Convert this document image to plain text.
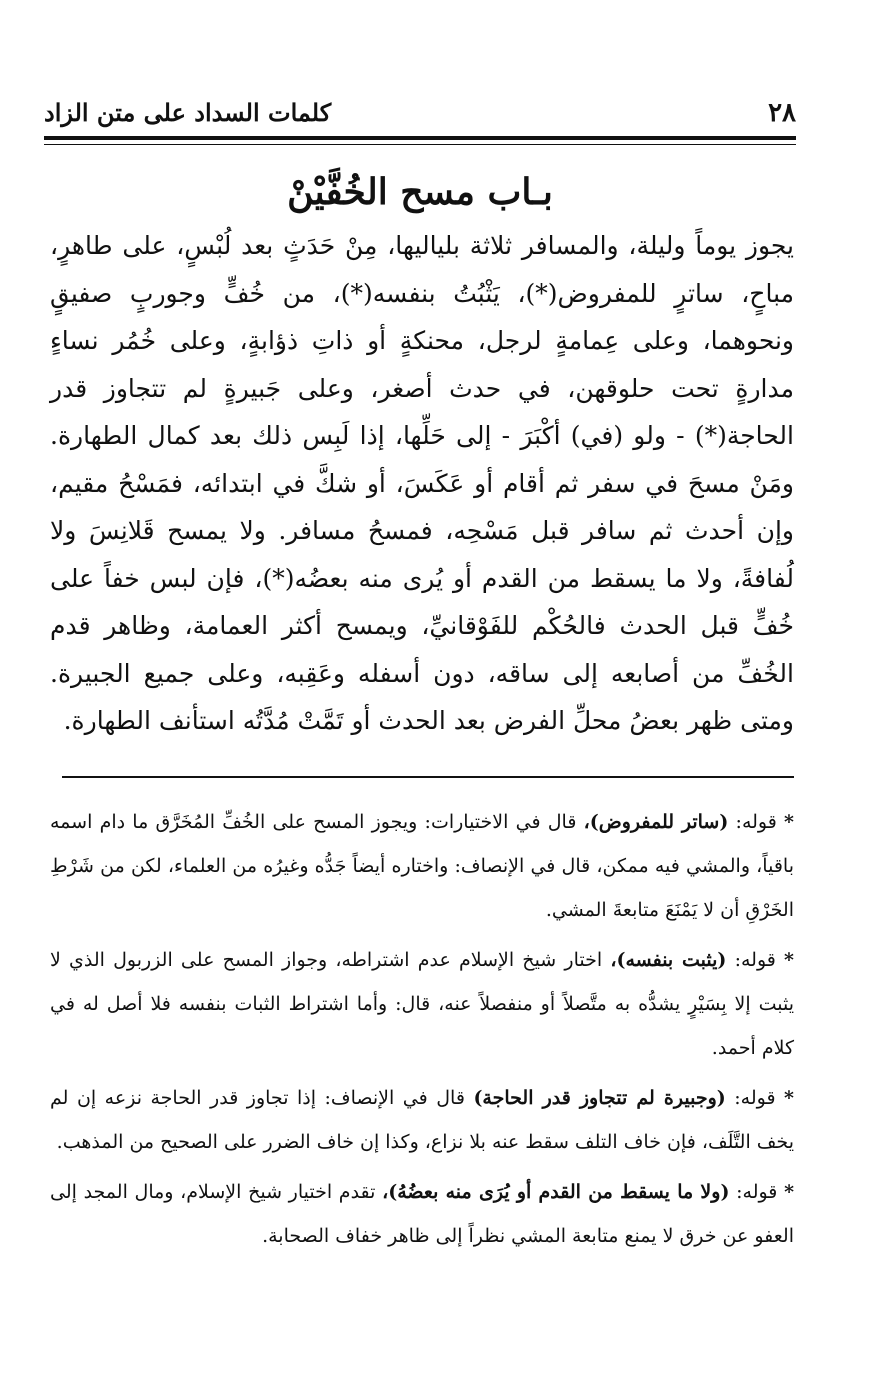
٢٨
كلمات السداد على متن الزاد
بـاب مسح الخُفَّيْنْ

يجوز يوماً وليلة، والمسافر ثلاثة بلياليها، مِنْ حَدَثٍ بعد لُبْسٍ، على طاهرٍ، مباحٍ، ساترٍ للمفروض(*)، يَثْبُتُ بنفسه(*)، من خُفٍّ وجوربٍ صفيقٍ ونحوهما، وعلى عِمامةٍ لرجل، محنكةٍ أو ذاتِ ذؤابةٍ، وعلى خُمُر نساءٍ مدارةٍ تحت حلوقهن، في حدث أصغر، وعلى جَبيرةٍ لم تتجاوز قدر الحاجة(*) - ولو (في) أكْبَرَ - إلى حَلِّها، إذا لَبِس ذلك بعد كمال الطهارة. ومَنْ مسحَ في سفر ثم أقام أو عَكَسَ، أو شكَّ في ابتدائه، فمَسْحُ مقيم، وإن أحدث ثم سافر قبل مَسْحِه، فمسحُ مسافر. ولا يمسح قَلانِسَ ولا لُفافةً، ولا ما يسقط من القدم أو يُرى منه بعضُه(*)، فإن لبس خفاً على خُفٍّ قبل الحدث فالحُكْم للفَوْقانيِّ، ويمسح أكثر العمامة، وظاهر قدم الخُفِّ من أصابعه إلى ساقه، دون أسفله وعَقِبه، وعلى جميع الجبيرة. ومتى ظهر بعضُ محلِّ الفرض بعد الحدث أو تَمَّتْ مُدَّتُه استأنف الطهارة.

* قوله: (ساتر للمفروض)، قال في الاختيارات: ويجوز المسح على الخُفِّ المُخَرَّق ما دام اسمه باقياً، والمشي فيه ممكن، قال في الإنصاف: واختاره أيضاً جَدُّه وغيرُه من العلماء، لكن من شَرْطِ الخَرْقِ أن لا يَمْنَعَ متابعةَ المشي.

* قوله: (يثبت بنفسه)، اختار شيخ الإسلام عدم اشتراطه، وجواز المسح على الزربول الذي لا يثبت إلا بِسَيْرٍ يشدُّه به متَّصلاً أو منفصلاً عنه، قال: وأما اشتراط الثبات بنفسه فلا أصل له في كلام أحمد.

* قوله: (وجبيرة لم تتجاوز قدر الحاجة) قال في الإنصاف: إذا تجاوز قدر الحاجة نزعه إن لم يخف التَّلَف، فإن خاف التلف سقط عنه بلا نزاع، وكذا إن خاف الضرر على الصحيح من المذهب.

* قوله: (ولا ما يسقط من القدم أو يُرَى منه بعضُهُ)، تقدم اختيار شيخ الإسلام، ومال المجد إلى العفو عن خرق لا يمنع متابعة المشي نظراً إلى ظاهر خفاف الصحابة.
